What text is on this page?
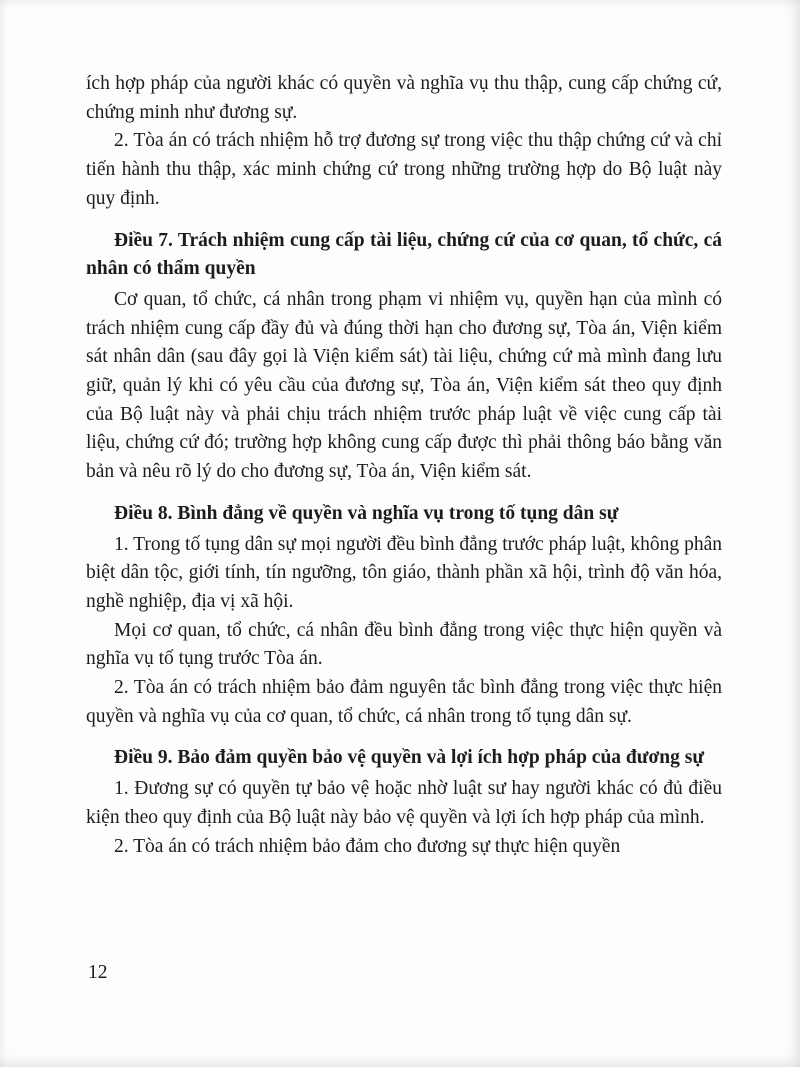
ích hợp pháp của người khác có quyền và nghĩa vụ thu thập, cung cấp chứng cứ, chứng minh như đương sự.

2. Tòa án có trách nhiệm hỗ trợ đương sự trong việc thu thập chứng cứ và chỉ tiến hành thu thập, xác minh chứng cứ trong những trường hợp do Bộ luật này quy định.

Điều 7. Trách nhiệm cung cấp tài liệu, chứng cứ của cơ quan, tổ chức, cá nhân có thẩm quyền

Cơ quan, tổ chức, cá nhân trong phạm vi nhiệm vụ, quyền hạn của mình có trách nhiệm cung cấp đầy đủ và đúng thời hạn cho đương sự, Tòa án, Viện kiểm sát nhân dân (sau đây gọi là Viện kiểm sát) tài liệu, chứng cứ mà mình đang lưu giữ, quản lý khi có yêu cầu của đương sự, Tòa án, Viện kiểm sát theo quy định của Bộ luật này và phải chịu trách nhiệm trước pháp luật về việc cung cấp tài liệu, chứng cứ đó; trường hợp không cung cấp được thì phải thông báo bằng văn bản và nêu rõ lý do cho đương sự, Tòa án, Viện kiểm sát.

Điều 8. Bình đẳng về quyền và nghĩa vụ trong tố tụng dân sự

1. Trong tố tụng dân sự mọi người đều bình đẳng trước pháp luật, không phân biệt dân tộc, giới tính, tín ngưỡng, tôn giáo, thành phần xã hội, trình độ văn hóa, nghề nghiệp, địa vị xã hội.

Mọi cơ quan, tổ chức, cá nhân đều bình đẳng trong việc thực hiện quyền và nghĩa vụ tố tụng trước Tòa án.

2. Tòa án có trách nhiệm bảo đảm nguyên tắc bình đẳng trong việc thực hiện quyền và nghĩa vụ của cơ quan, tổ chức, cá nhân trong tố tụng dân sự.

Điều 9. Bảo đảm quyền bảo vệ quyền và lợi ích hợp pháp của đương sự

1. Đương sự có quyền tự bảo vệ hoặc nhờ luật sư hay người khác có đủ điều kiện theo quy định của Bộ luật này bảo vệ quyền và lợi ích hợp pháp của mình.

2. Tòa án có trách nhiệm bảo đảm cho đương sự thực hiện quyền

12
